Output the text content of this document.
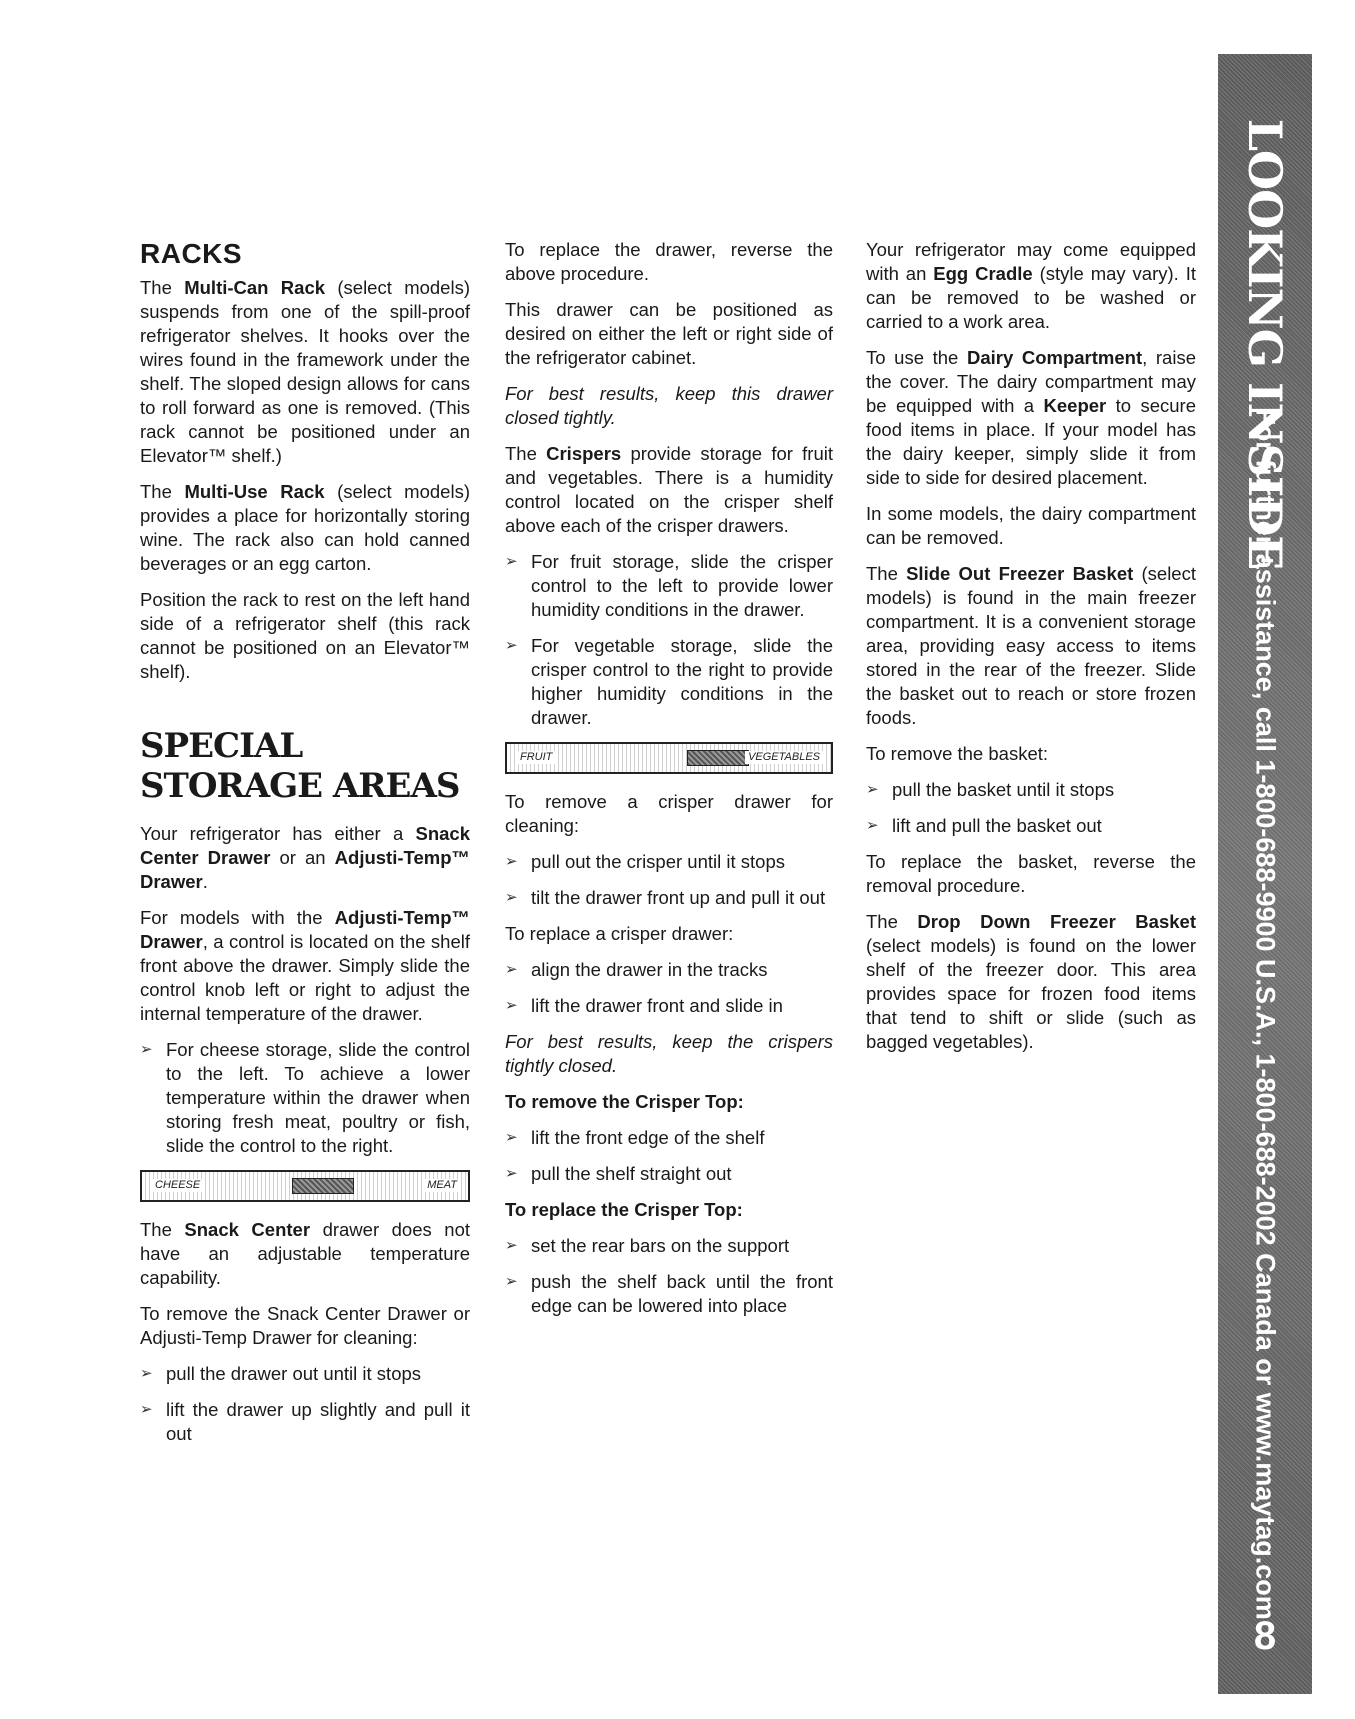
RACKS

The Multi-Can Rack (select models) suspends from one of the spill-proof refrigerator shelves. It hooks over the wires found in the framework under the shelf. The sloped design allows for cans to roll forward as one is removed. (This rack cannot be positioned under an Elevator™ shelf.)

The Multi-Use Rack (select models) provides a place for horizontally storing wine. The rack also can hold canned beverages or an egg carton.

Position the rack to rest on the left hand side of a refrigerator shelf (this rack cannot be positioned on an Elevator™ shelf).

SPECIAL STORAGE AREAS

Your refrigerator has either a Snack Center Drawer or an Adjusti-Temp™ Drawer.

For models with the Adjusti-Temp™ Drawer, a control is located on the shelf front above the drawer. Simply slide the control knob left or right to adjust the internal temperature of the drawer.

➢ For cheese storage, slide the control to the left. To achieve a lower temperature within the drawer when storing fresh meat, poultry or fish, slide the control to the right.
CHEESE	MEAT

The Snack Center drawer does not have an adjustable temperature capability.

To remove the Snack Center Drawer or Adjusti-Temp Drawer for cleaning:

➢ pull the drawer out until it stops
➢ lift the drawer up slightly and pull it out

To replace the drawer, reverse the above procedure.

This drawer can be positioned as desired on either the left or right side of the refrigerator cabinet.

For best results, keep this drawer closed tightly.

The Crispers provide storage for fruit and vegetables. There is a humidity control located on the crisper shelf above each of the crisper drawers.

➢ For fruit storage, slide the crisper control to the left to provide lower humidity conditions in the drawer.
➢ For vegetable storage, slide the crisper control to the right to provide higher humidity conditions in the drawer.
FRUIT	VEGETABLES

To remove a crisper drawer for cleaning:

➢ pull out the crisper until it stops
➢ tilt the drawer front up and pull it out

To replace a crisper drawer:

➢ align the drawer in the tracks
➢ lift the drawer front and slide in

For best results, keep the crispers tightly closed.

To remove the Crisper Top:
➢ lift the front edge of the shelf
➢ pull the shelf straight out
To replace the Crisper Top:
➢ set the rear bars on the support
➢ push the shelf back until the front edge can be lowered into place

Your refrigerator may come equipped with an Egg Cradle (style may vary). It can be removed to be washed or carried to a work area.

To use the Dairy Compartment, raise the cover. The dairy compartment may be equipped with a Keeper to secure food items in place. If your model has the dairy keeper, simply slide it from side to side for desired placement.

In some models, the dairy compartment can be removed.

The Slide Out Freezer Basket (select models) is found in the main freezer compartment. It is a convenient storage area, providing easy access to items stored in the rear of the freezer. Slide the basket out to reach or store frozen foods.

To remove the basket:

➢ pull the basket until it stops
➢ lift and pull the basket out

To replace the basket, reverse the removal procedure.

The Drop Down Freezer Basket (select models) is found on the lower shelf of the freezer door. This area provides space for frozen food items that tend to shift or slide (such as bagged vegetables).

LOOKING INSIDE
For further assistance, call 1-800-688-9900 U.S.A., 1-800-688-2002 Canada or www.maytag.com
8
